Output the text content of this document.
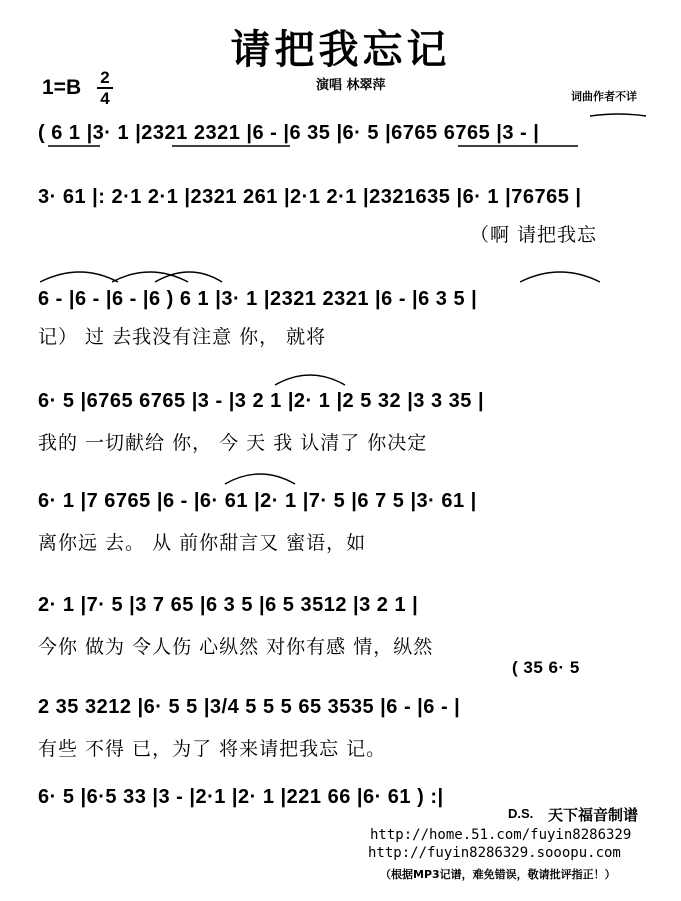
请把我忘记
1=B 2
4
演唱 林翠萍
词曲作者不详
( 6 1 |3· 1 |2321 2321 |6 - |6 35 |6· 5 |6765 6765 |3 - |
3· 61 |: 2·1 2·1 |2321 261 |2·1 2·1 |2321635 |6· 1 |76765 |
（啊 请把我忘
6 - |6 - |6 - |6 ) 6 1 |3· 1 |2321 2321 |6 - |6 3 5 |
记） 过 去我没有注意 你， 就将
6· 5 |6765 6765 |3 - |3 2 1 |2· 1 |2 5 32 |3 3 35 |
我的 一切献给 你， 今 天 我 认清了 你决定
6· 1 |7 6765 |6 - |6· 61 |2· 1 |7· 5 |6 7 5 |3· 61 |
离你远 去。 从 前你甜言又 蜜语，如
2· 1 |7· 5 |3 7 65 |6 3 5 |6 5 3512 |3 2 1 |
今你 做为 令人伤 心纵然 对你有感 情，纵然
( 35 6· 5
2 35 3212 |6· 5 5 |3/4 5 5 5 65 3535 |6 - |6 - |
有些 不得 已，为了 将来请把我忘 记。
6· 5 |6·5 33 |3 - |2·1 |2· 1 |221 66 |6· 61 ) :|
D.S. 天下福音制谱
http://home.51.com/fuyin8286329
http://fuyin8286329.sooopu.com
（根据MP3记谱，难免错误，敬请批评指正！）
